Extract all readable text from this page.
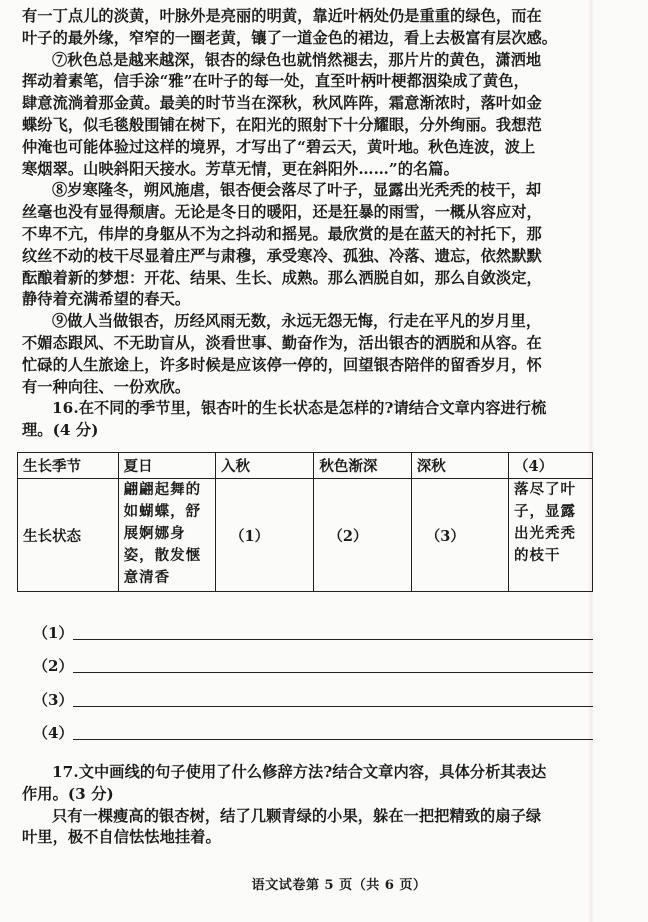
有一丁点儿的淡黄，叶脉外是亮丽的明黄，靠近叶柄处仍是重重的绿色，而在
叶子的最外缘，窄窄的一圈老黄，镶了一道金色的裙边，看上去极富有层次感。
⑦秋色总是越来越深，银杏的绿色也就悄然褪去，那片片的黄色，潇洒地
挥动着素笔，信手涂“雅”在叶子的每一处，直至叶柄叶梗都洇染成了黄色，
肆意流淌着那金黄。最美的时节当在深秋，秋风阵阵，霜意渐浓时，落叶如金
蝶纷飞，似毛毯般围铺在树下，在阳光的照射下十分耀眼，分外绚丽。我想范
仲淹也可能体验过这样的境界，才写出了“碧云天，黄叶地。秋色连波，波上
寒烟翠。山映斜阳天接水。芳草无情，更在斜阳外……”的名篇。
⑧岁寒隆冬，朔风施虐，银杏便会落尽了叶子，显露出光秃秃的枝干，却
丝毫也没有显得颓唐。无论是冬日的暖阳，还是狂暴的雨雪，一概从容应对，
不卑不亢，伟岸的身躯从不为之抖动和摇晃。最欣赏的是在蓝天的衬托下，那
纹丝不动的枝干尽显着庄严与肃穆，承受寒冷、孤独、冷落、遗忘，依然默默
酝酿着新的梦想：开花、结果、生长、成熟。那么洒脱自如，那么自敛淡定，
静待着充满希望的春天。
⑨做人当做银杏，历经风雨无数，永远无怨无悔，行走在平凡的岁月里，
不媚态跟风、不无助盲从，淡看世事、勤奋作为，活出银杏的洒脱和从容。在
忙碌的人生旅途上，许多时候是应该停一停的，回望银杏陪伴的留香岁月，怀
有一种向往、一份欢欣。
16.在不同的季节里，银杏叶的生长状态是怎样的?请结合文章内容进行梳
理。(4 分)
生长季节	夏日	入秋	秋色渐深	深秋	（4）
生长状态	翩翩起舞的如蝴蝶，舒展婀娜身姿，散发惬意清香	（1）	（2）	（3）	落尽了叶子，显露出光秃秃的枝干
（1）
（2）
（3）
（4）
17.文中画线的句子使用了什么修辞方法?结合文章内容，具体分析其表达
作用。(3 分)
只有一棵瘦高的银杏树，结了几颗青绿的小果，躲在一把把精致的扇子绿
叶里，极不自信怯怯地挂着。
语文试卷第 5 页（共 6 页）
